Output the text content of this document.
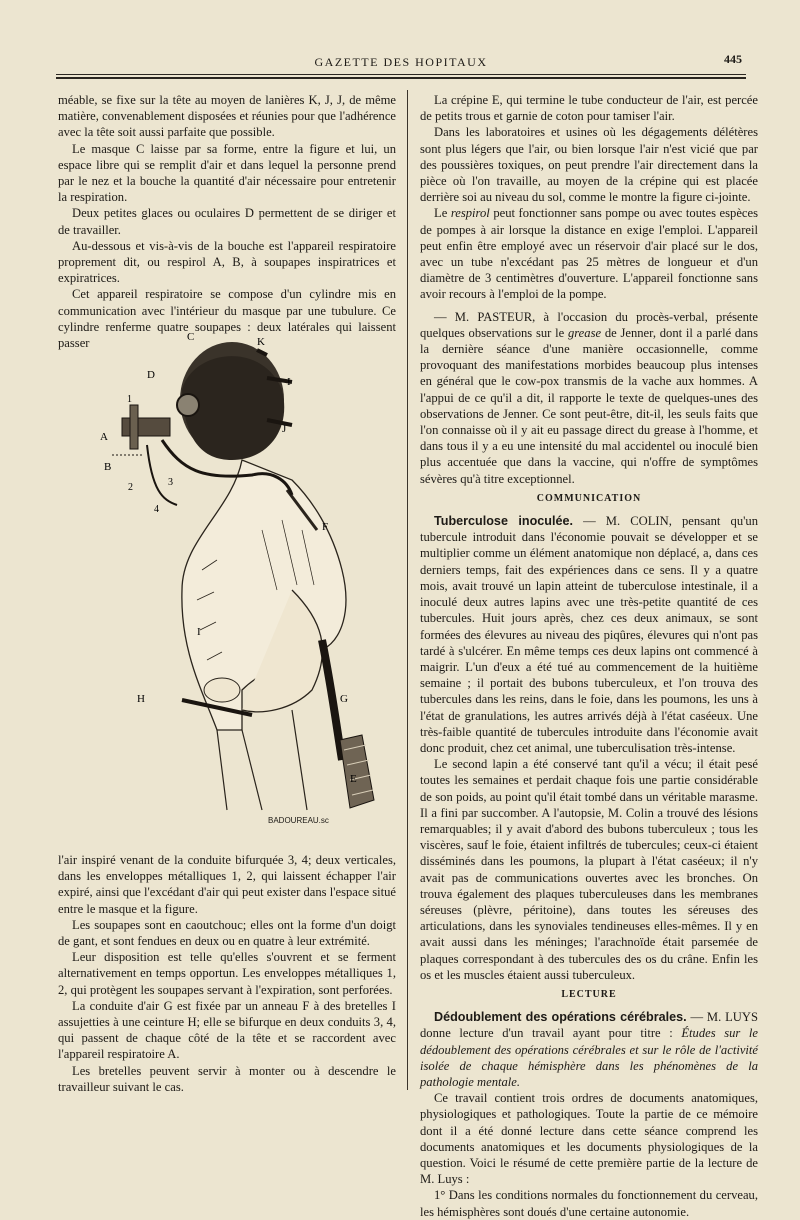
GAZETTE DES HOPITAUX	445

méable, se fixe sur la tête au moyen de lanières K, J, J, de même matière, convenablement disposées et réunies pour que l'adhérence avec la tête soit aussi parfaite que possible.

Le masque C laisse par sa forme, entre la figure et lui, un espace libre qui se remplit d'air et dans lequel la personne prend par le nez et la bouche la quantité d'air nécessaire pour entretenir la respiration.

Deux petites glaces ou oculaires D permettent de se diriger et de travailler.

Au-dessous et vis-à-vis de la bouche est l'appareil respiratoire proprement dit, ou respirol A, B, à soupapes inspiratrices et expiratrices.

Cet appareil respiratoire se compose d'un cylindre mis en communication avec l'intérieur du masque par une tubulure. Ce cylindre renferme quatre soupapes : deux latérales qui laissent passer	C	K
D
I
1
J
A
B
2	3
4
F
I
H	G
E
BADOUREAU.sc

l'air inspiré venant de la conduite bifurquée 3, 4; deux verticales, dans les enveloppes métalliques 1, 2, qui laissent échapper l'air expiré, ainsi que l'excédant d'air qui peut exister dans l'espace situé entre le masque et la figure.

Les soupapes sont en caoutchouc; elles ont la forme d'un doigt de gant, et sont fendues en deux ou en quatre à leur extrémité.

Leur disposition est telle qu'elles s'ouvrent et se ferment alternativement en temps opportun. Les enveloppes métalliques 1, 2, qui protègent les soupapes servant à l'expiration, sont perforées.

La conduite d'air G est fixée par un anneau F à des bretelles I assujetties à une ceinture H; elle se bifurque en deux conduits 3, 4, qui passent de chaque côté de la tête et se raccordent avec l'appareil respiratoire A.

Les bretelles peuvent servir à monter ou à descendre le travailleur suivant le cas.

La crépine E, qui termine le tube conducteur de l'air, est percée de petits trous et garnie de coton pour tamiser l'air.

Dans les laboratoires et usines où les dégagements délétères sont plus légers que l'air, ou bien lorsque l'air n'est vicié que par des poussières toxiques, on peut prendre l'air directement dans la pièce où l'on travaille, au moyen de la crépine qui est placée derrière soi au niveau du sol, comme le montre la figure ci-jointe.

Le respirol peut fonctionner sans pompe ou avec toutes espèces de pompes à air lorsque la distance en exige l'emploi. L'appareil peut enfin être employé avec un réservoir d'air placé sur le dos, avec un tube n'excédant pas 25 mètres de longueur et d'un diamètre de 3 centimètres d'ouverture. L'appareil fonctionne sans avoir recours à l'emploi de la pompe.

— M. PASTEUR, à l'occasion du procès-verbal, présente quelques observations sur le grease de Jenner, dont il a parlé dans la dernière séance d'une manière occasionnelle, comme provoquant des manifestations morbides beaucoup plus intenses en général que le cow-pox transmis de la vache aux hommes. A l'appui de ce qu'il a dit, il rapporte le texte de quelques-unes des observations de Jenner. Ce sont peut-être, dit-il, les seuls faits que l'on connaisse où il y ait eu passage direct du grease à l'homme, et dans tous il y a eu une intensité du mal accidentel ou inoculé bien plus accentuée que dans la vaccine, qui n'offre de symptômes sévères qu'à titre exceptionnel.

COMMUNICATION

Tuberculose inoculée. — M. COLIN, pensant qu'un tubercule introduit dans l'économie pouvait se développer et se multiplier comme un élément anatomique non déplacé, a, dans ces derniers temps, fait des expériences dans ce sens. Il y a quatre mois, avait trouvé un lapin atteint de tuberculose intestinale, il a inoculé deux autres lapins avec une très-petite quantité de ces tubercules. Huit jours après, chez ces deux animaux, se sont formées des élevures au niveau des piqûres, élevures qui n'ont pas tardé à s'ulcérer. En même temps ces deux lapins ont commencé à maigrir. L'un d'eux a été tué au commencement de la huitième semaine ; il portait des bubons tuberculeux, et l'on trouva des tubercules dans les reins, dans le foie, dans les poumons, les uns à l'état de granulations, les autres arrivés déjà à l'état caséeux. Une très-faible quantité de tubercules introduite dans l'économie avait donc produit, chez cet animal, une tuberculisation très-intense.

Le second lapin a été conservé tant qu'il a vécu; il était pesé toutes les semaines et perdait chaque fois une partie considérable de son poids, au point qu'il était tombé dans un véritable marasme. Il a fini par succomber. A l'autopsie, M. Colin a trouvé des lésions remarquables; il y avait d'abord des bubons tuberculeux ; tous les viscères, sauf le foie, étaient infiltrés de tubercules; ceux-ci étaient disséminés dans les poumons, la plupart à l'état caséeux; il n'y avait pas de communications ouvertes avec les bronches. On trouva également des plaques tuberculeuses dans les membranes séreuses (plèvre, péritoine), dans toutes les séreuses des articulations, dans les synoviales tendineuses elles-mêmes. Il y en avait aussi dans les méninges; l'arachnoïde était parsemée de plaques correspondant à des tubercules des os du crâne. Enfin les os et les muscles étaient aussi tuberculeux.

LECTURE

Dédoublement des opérations cérébrales. — M. LUYS donne lecture d'un travail ayant pour titre : Études sur le dédoublement des opérations cérébrales et sur le rôle de l'activité isolée de chaque hémisphère dans les phénomènes de la pathologie mentale.

Ce travail contient trois ordres de documents anatomiques, physiologiques et pathologiques. Toute la partie de ce mémoire dont il a été donné lecture dans cette séance comprend les documents anatomiques et les documents physiologiques de la question. Voici le résumé de cette première partie de la lecture de M. Luys :

1° Dans les conditions normales du fonctionnement du cerveau, les hémisphères sont doués d'une certaine autonomie.
